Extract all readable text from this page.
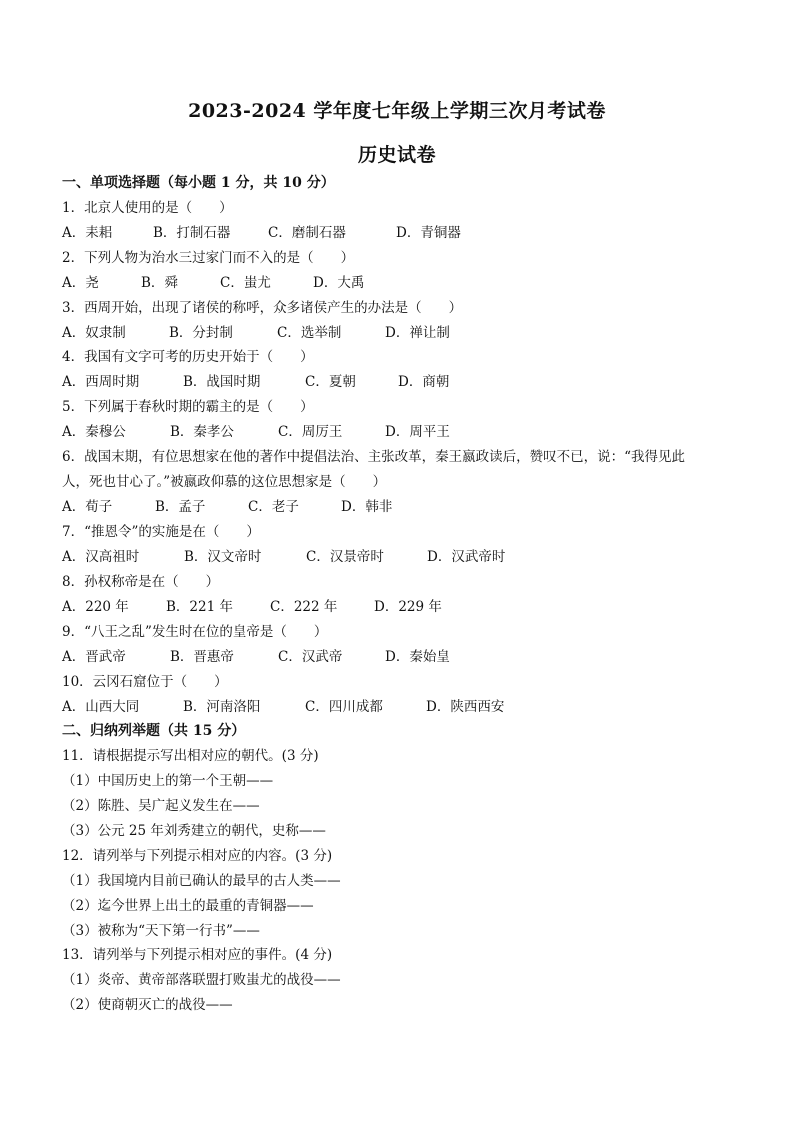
2023-2024 学年度七年级上学期三次月考试卷
历史试卷
一、单项选择题（每小题 1 分，共 10 分）
1．北京人使用的是（　　）
A．耒耜	B．打制石器	C．磨制石器	D．青铜器
2．下列人物为治水三过家门而不入的是（　　）
A．尧	B．舜	C．蚩尤	D．大禹
3．西周开始，出现了诸侯的称呼，众多诸侯产生的办法是（　　）
A．奴隶制	B．分封制	C．选举制	D．禅让制
4．我国有文字可考的历史开始于（　　）
A．西周时期	B．战国时期	C．夏朝	D．商朝
5．下列属于春秋时期的霸主的是（　　）
A．秦穆公	B．秦孝公	C．周厉王	D．周平王
6．战国末期，有位思想家在他的著作中提倡法治、主张改革，秦王嬴政读后，赞叹不已，说：“我得见此
人，死也甘心了。”被嬴政仰慕的这位思想家是（　　）
A．荀子	B．孟子	C．老子	D．韩非
7．“推恩令”的实施是在（　　）
A．汉高祖时	B．汉文帝时	C．汉景帝时	D．汉武帝时
8．孙权称帝是在（　　）
A．220 年	B．221 年	C．222 年	D．229 年
9．“八王之乱”发生时在位的皇帝是（　　）
A．晋武帝	B．晋惠帝	C．汉武帝	D．秦始皇
10．云冈石窟位于（　　）
A．山西大同	B．河南洛阳	C．四川成都	D．陕西西安
二、归纳列举题（共 15 分）
11．请根据提示写出相对应的朝代。(3 分)
（1）中国历史上的第一个王朝——
（2）陈胜、吴广起义发生在——
（3）公元 25 年刘秀建立的朝代，史称——
12．请列举与下列提示相对应的内容。(3 分)
（1）我国境内目前已确认的最早的古人类——
（2）迄今世界上出土的最重的青铜器——
（3）被称为“天下第一行书”——
13．请列举与下列提示相对应的事件。(4 分)
（1）炎帝、黄帝部落联盟打败蚩尤的战役——
（2）使商朝灭亡的战役——
